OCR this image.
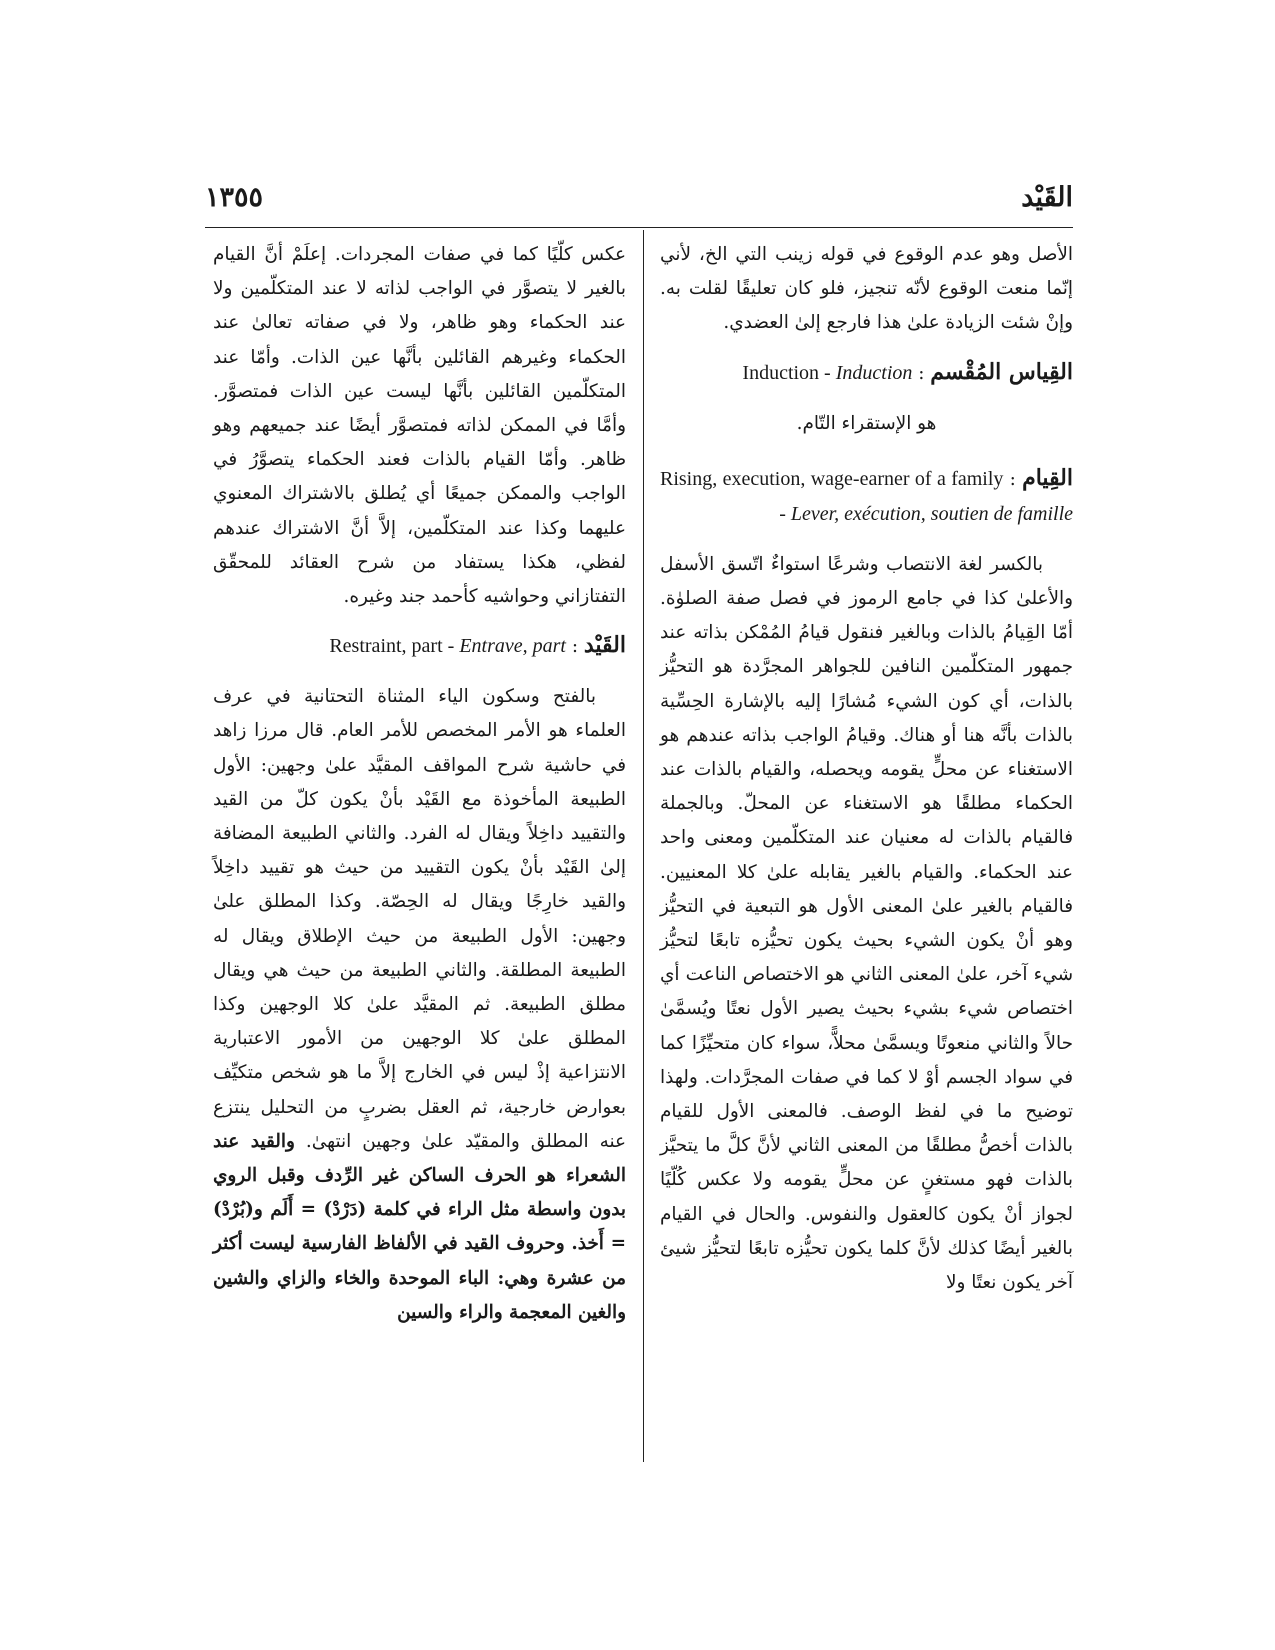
١٣٥٥	القَيْد

الأصل وهو عدم الوقوع في قوله زينب التي الخ، لأني إنّما منعت الوقوع لأنّه تنجيز، فلو كان تعليقًا لقلت به. وإنْ شئت الزيادة علىٰ هذا فارجع إلىٰ العضدي.

القِياس المُقْسم : Induction - Induction

هو الإستقراء التّام.

القِيام : Rising, execution, wage-earner of a family - Lever, exécution, soutien de famille

بالكسر لغة الانتصاب وشرعًا استواءٌ اتّسق الأسفل والأعلىٰ كذا في جامع الرموز في فصل صفة الصلوٰة. أمّا القِيامُ بالذات وبالغير فنقول قيامُ المُمْكن بذاته عند جمهور المتكلّمين النافين للجواهر المجرَّدة هو التحيُّز بالذات، أي كون الشيء مُشارًا إليه بالإشارة الحِسِّية بالذات بأنَّه هنا أو هناك. وقيامُ الواجب بذاته عندهم هو الاستغناء عن محلٍّ يقومه ويحصله، والقيام بالذات عند الحكماء مطلقًا هو الاستغناء عن المحلّ. وبالجملة فالقيام بالذات له معنيان عند المتكلّمين ومعنى واحد عند الحكماء. والقيام بالغير يقابله علىٰ كلا المعنيين. فالقيام بالغير علىٰ المعنى الأول هو التبعية في التحيُّز وهو أنْ يكون الشيء بحيث يكون تحيُّزه تابعًا لتحيُّز شيء آخر، علىٰ المعنى الثاني هو الاختصاص الناعت أي اختصاص شيء بشيء بحيث يصير الأول نعتًا ويُسمَّىٰ حالاً والثاني منعوتًا ويسمَّىٰ محلاًّ، سواء كان متحيِّزًا كما في سواد الجسم أوْ لا كما في صفات المجرَّدات. ولهذا توضيح ما في لفظ الوصف. فالمعنى الأول للقيام بالذات أخصُّ مطلقًا من المعنى الثاني لأنَّ كلَّ ما يتحيَّز بالذات فهو مستغنٍ عن محلٍّ يقومه ولا عكس كُلّيًا لجواز أنْ يكون كالعقول والنفوس. والحال في القيام بالغير أيضًا كذلك لأنَّ كلما يكون تحيُّزه تابعًا لتحيُّز شيئ آخر يكون نعتًا ولا

عكس كلّيًا كما في صفات المجردات. إعلَمْ أنَّ القيام بالغير لا يتصوَّر في الواجب لذاته لا عند المتكلّمين ولا عند الحكماء وهو ظاهر، ولا في صفاته تعالىٰ عند الحكماء وغيرهم القائلين بأنَّها عين الذات. وأمّا عند المتكلّمين القائلين بأنَّها ليست عين الذات فمتصوَّر. وأمَّا في الممكن لذاته فمتصوَّر أيضًا عند جميعهم وهو ظاهر. وأمّا القيام بالذات فعند الحكماء يتصوَّرُ في الواجب والممكن جميعًا أي يُطلق بالاشتراك المعنوي عليهما وكذا عند المتكلّمين، إلاَّ أنَّ الاشتراك عندهم لفظي، هكذا يستفاد من شرح العقائد للمحقّق التفتازاني وحواشيه كأحمد جند وغيره.

القَيْد : Restraint, part - Entrave, part

بالفتح وسكون الياء المثناة التحتانية في عرف العلماء هو الأمر المخصص للأمر العام. قال مرزا زاهد في حاشية شرح المواقف المقيَّد علىٰ وجهين: الأول الطبيعة المأخوذة مع القَيْد بأنْ يكون كلّ من القيد والتقييد داخِلاً ويقال له الفرد. والثاني الطبيعة المضافة إلىٰ القَيْد بأنْ يكون التقييد من حيث هو تقييد داخِلاً والقيد خارِجًا ويقال له الحِصّة. وكذا المطلق علىٰ وجهين: الأول الطبيعة من حيث الإطلاق ويقال له الطبيعة المطلقة. والثاني الطبيعة من حيث هي ويقال مطلق الطبيعة. ثم المقيَّد علىٰ كلا الوجهين وكذا المطلق علىٰ كلا الوجهين من الأمور الاعتبارية الانتزاعية إذْ ليس في الخارج إلاَّ ما هو شخص متكيِّف بعوارض خارجية، ثم العقل بضربٍ من التحليل ينتزع عنه المطلق والمقيّد علىٰ وجهين انتهىٰ. والقيد عند الشعراء هو الحرف الساكن غير الرِّدف وقبل الروي بدون واسطة مثل الراء في كلمة (دَرْدْ) = أَلَم و(بُرْدْ) = أَخذ. وحروف القيد في الألفاظ الفارسية ليست أكثر من عشرة وهي: الباء الموحدة والخاء والزاي والشين والغين المعجمة والراء والسين
